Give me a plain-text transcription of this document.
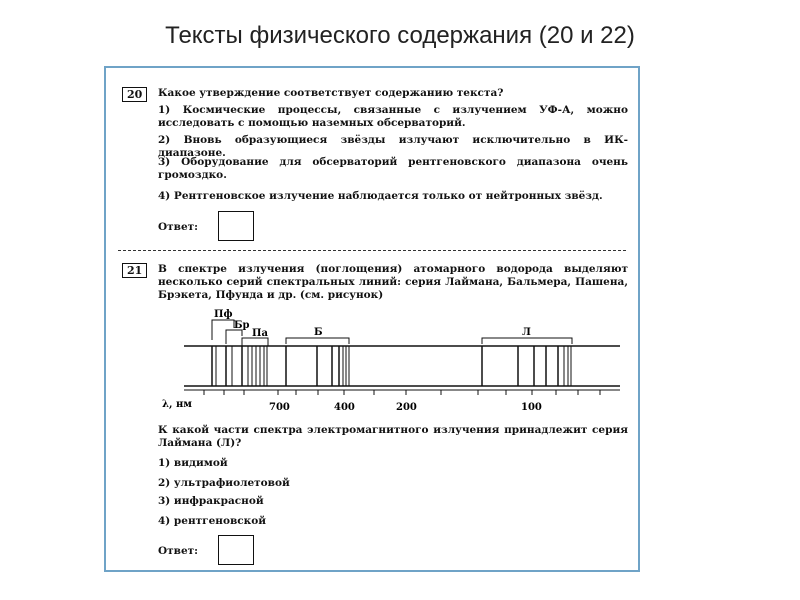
Тексты физического содержания (20 и 22)
20	Какое утверждение соответствует содержанию текста?
1) Космические процессы, связанные с излучением УФ-А, можно исследовать с помощью наземных обсерваторий.
2) Вновь образующиеся звёзды излучают исключительно в ИК-диапазоне.
3) Оборудование для обсерваторий рентгеновского диапазона очень громоздко.
4) Рентгеновское излучение наблюдается только от нейтронных звёзд.
Ответ:
21	В спектре излучения (поглощения) атомарного водорода выделяют несколько серий спектральных линий: серия Лаймана, Бальмера, Пашена, Брэкета, Пфунда и др. (см. рисунок)
Пф
Бр
Па	Б	Л
λ, нм	700	400	200	100
К какой части спектра электромагнитного излучения принадлежит серия Лаймана (Л)?
1) видимой
2) ультрафиолетовой
3) инфракрасной
4) рентгеновской
Ответ:
